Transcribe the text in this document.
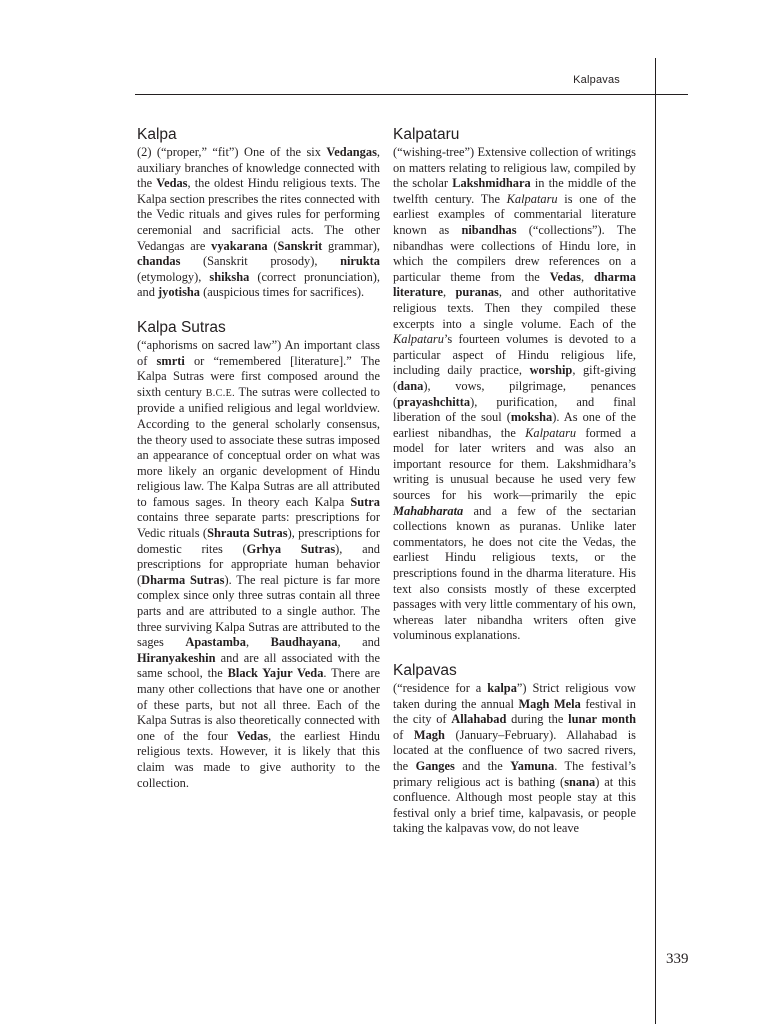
Kalpavas
Kalpa

(2) (“proper,” “fit”) One of the six Vedangas, auxiliary branches of knowledge connected with the Vedas, the oldest Hindu religious texts. The Kalpa section prescribes the rites connected with the Vedic rituals and gives rules for performing ceremonial and sacrificial acts. The other Vedangas are vyakarana (Sanskrit grammar), chandas (Sanskrit prosody), nirukta (etymology), shiksha (correct pronunciation), and jyotisha (auspicious times for sacrifices).

Kalpa Sutras

(“aphorisms on sacred law”) An important class of smrti or “remembered [literature].” The Kalpa Sutras were first composed around the sixth century B.C.E. The sutras were collected to provide a unified religious and legal worldview. According to the general scholarly consensus, the theory used to associate these sutras imposed an appearance of conceptual order on what was more likely an organic development of Hindu religious law. The Kalpa Sutras are all attributed to famous sages. In theory each Kalpa Sutra contains three separate parts: prescriptions for Vedic rituals (Shrauta Sutras), prescriptions for domestic rites (Grhya Sutras), and prescriptions for appropriate human behavior (Dharma Sutras). The real picture is far more complex since only three sutras contain all three parts and are attributed to a single author. The three surviving Kalpa Sutras are attributed to the sages Apastamba, Baudhayana, and Hiranyakeshin and are all associated with the same school, the Black Yajur Veda. There are many other collections that have one or another of these parts, but not all three. Each of the Kalpa Sutras is also theoretically connected with one of the four Vedas, the earliest Hindu religious texts. However, it is likely that this claim was made to give authority to the collection.

Kalpataru

(“wishing-tree”) Extensive collection of writings on matters relating to religious law, compiled by the scholar Lakshmidhara in the middle of the twelfth century. The Kalpataru is one of the earliest examples of commentarial literature known as nibandhas (“collections”). The nibandhas were collections of Hindu lore, in which the compilers drew references on a particular theme from the Vedas, dharma literature, puranas, and other authoritative religious texts. Then they compiled these excerpts into a single volume. Each of the Kalpataru’s fourteen volumes is devoted to a particular aspect of Hindu religious life, including daily practice, worship, gift-giving (dana), vows, pilgrimage, penances (prayashchitta), purification, and final liberation of the soul (moksha). As one of the earliest nibandhas, the Kalpataru formed a model for later writers and was also an important resource for them. Lakshmidhara’s writing is unusual because he used very few sources for his work—primarily the epic Mahabharata and a few of the sectarian collections known as puranas. Unlike later commentators, he does not cite the Vedas, the earliest Hindu religious texts, or the prescriptions found in the dharma literature. His text also consists mostly of these excerpted passages with very little commentary of his own, whereas later nibandha writers often give voluminous explanations.

Kalpavas

(“residence for a kalpa”) Strict religious vow taken during the annual Magh Mela festival in the city of Allahabad during the lunar month of Magh (January–February). Allahabad is located at the confluence of two sacred rivers, the Ganges and the Yamuna. The festival’s primary religious act is bathing (snana) at this confluence. Although most people stay at this festival only a brief time, kalpavasis, or people taking the kalpavas vow, do not leave

339
